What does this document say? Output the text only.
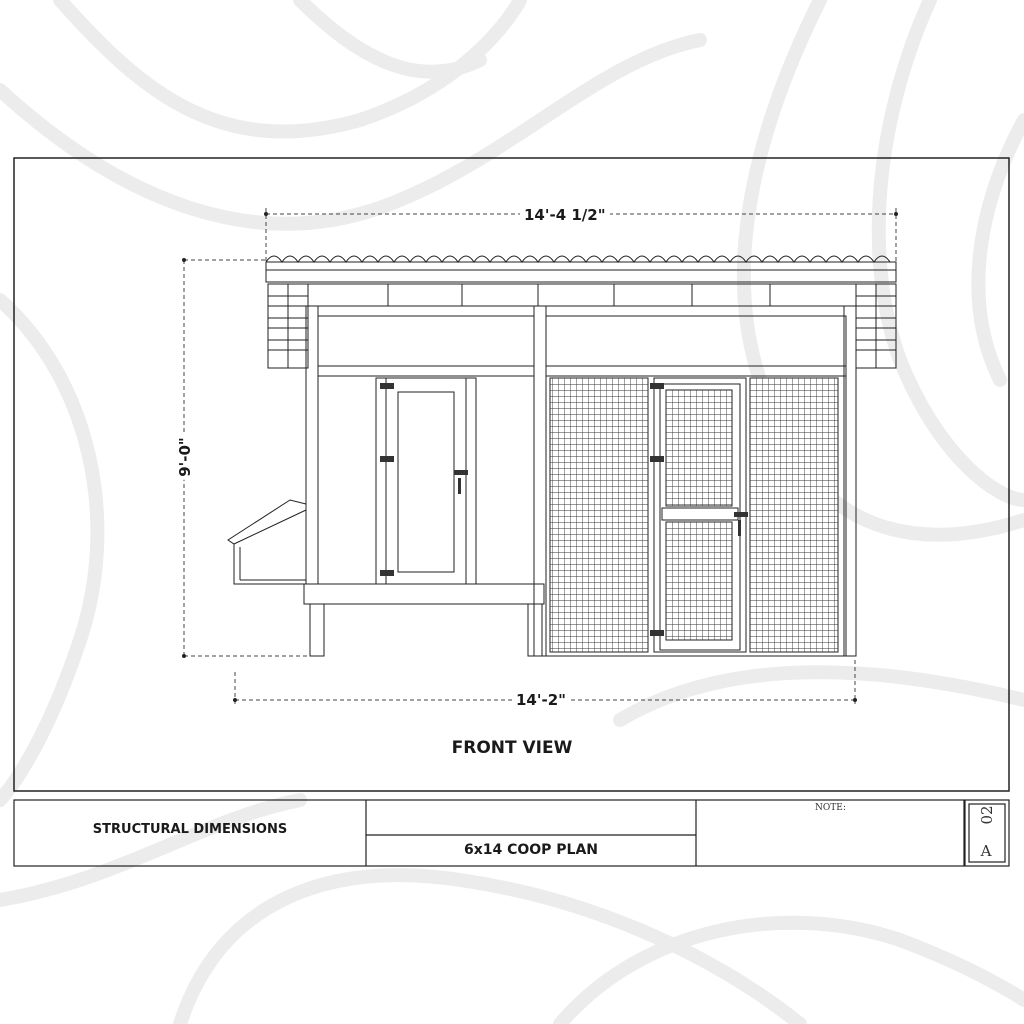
14'-4 1/2"
9'-0"
14'-2"
FRONT VIEW
STRUCTURAL DIMENSIONS
6x14 COOP PLAN
NOTE:
A
02
